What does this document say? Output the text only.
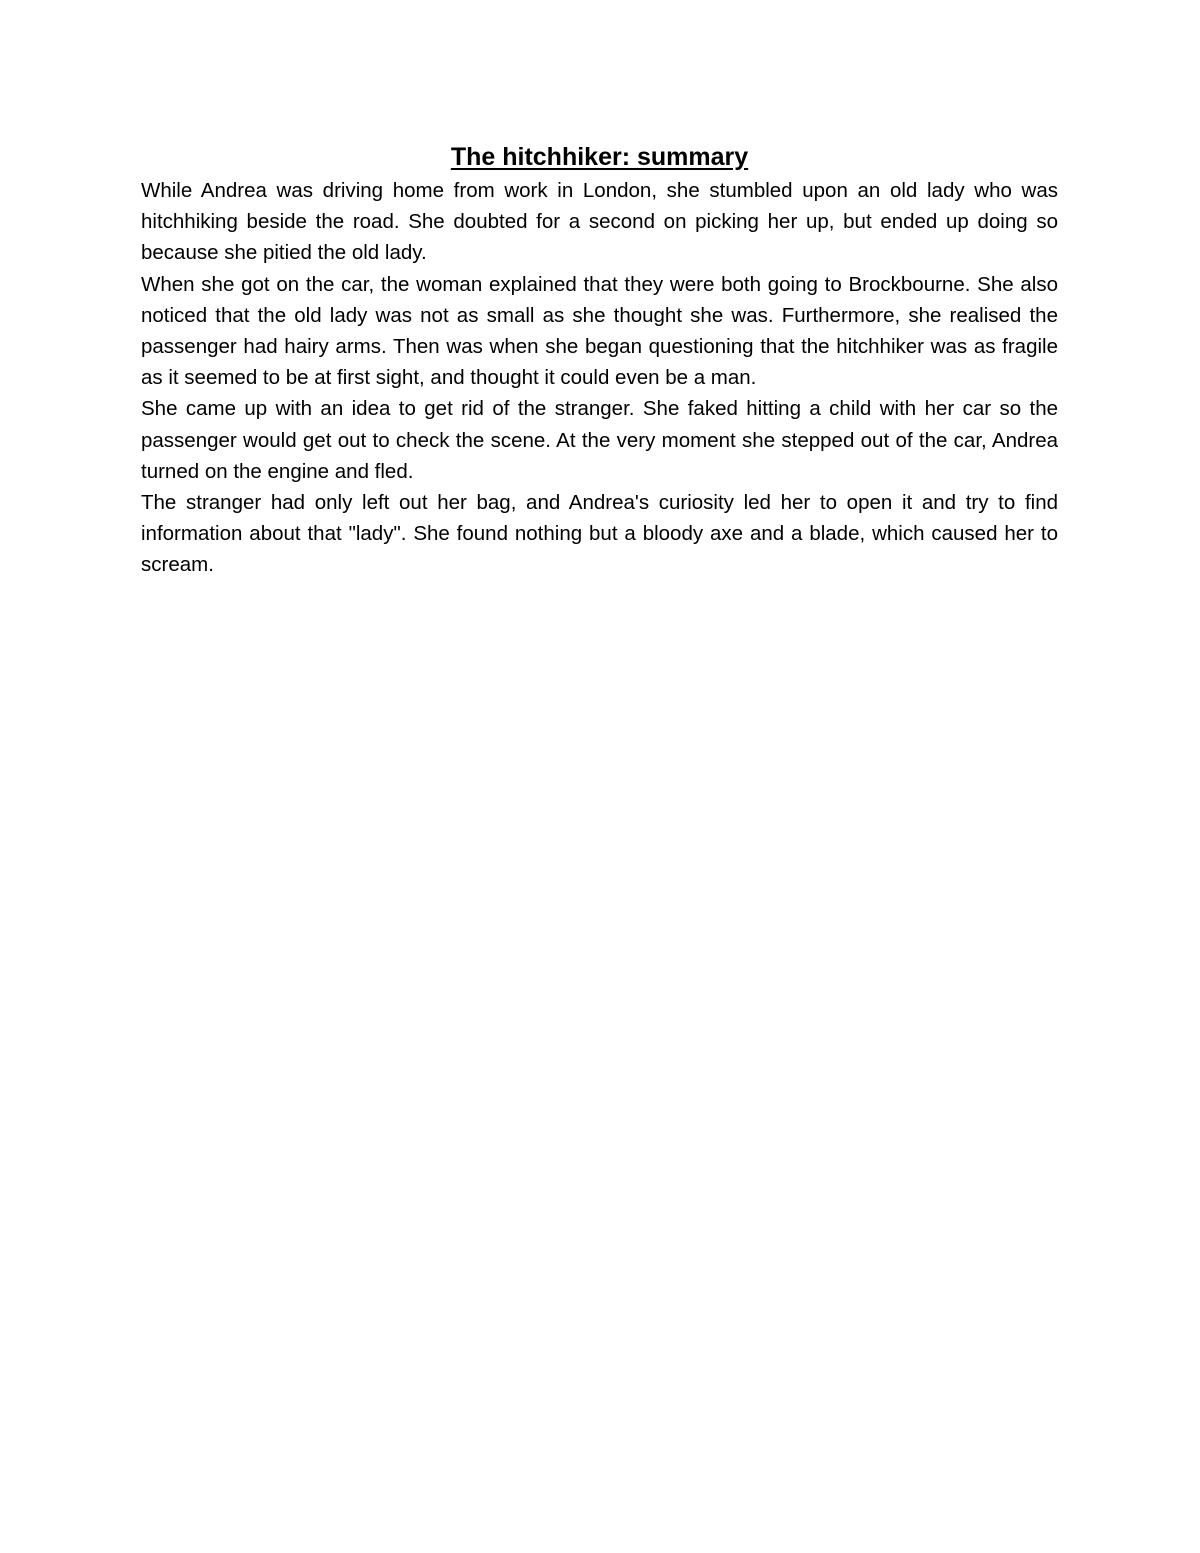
The hitchhiker: summary

While Andrea was driving home from work in London, she stumbled upon an old lady who was hitchhiking beside the road. She doubted for a second on picking her up, but ended up doing so because she pitied the old lady.

When she got on the car, the woman explained that they were both going to Brockbourne. She also noticed that the old lady was not as small as she thought she was. Furthermore, she realised the passenger had hairy arms. Then was when she began questioning that the hitchhiker was as fragile as it seemed to be at first sight, and thought it could even be a man.

She came up with an idea to get rid of the stranger. She faked hitting a child with her car so the passenger would get out to check the scene. At the very moment she stepped out of the car, Andrea turned on the engine and fled.

The stranger had only left out her bag, and Andrea's curiosity led her to open it and try to find information about that "lady". She found nothing but a bloody axe and a blade, which caused her to scream.
